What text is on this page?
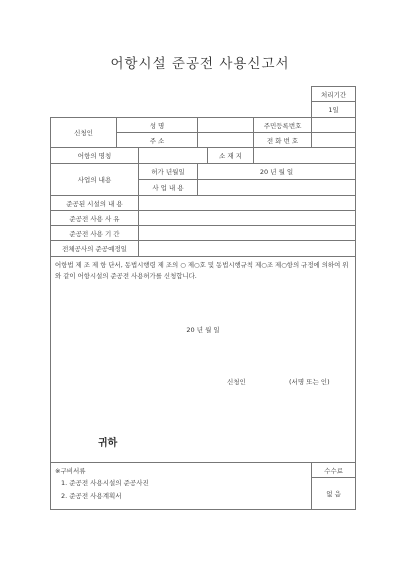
어항시설 준공전 사용신고서
						처리기간
						1일
신청인	성 명				주민등록번호	
	주 소				전 화 번 호	
어항의 명칭				소 재 지		
사업의 내용		허가 년월일	20 년 월 일			
		사 업 내 용				
준공된 시설의 내 용						
준공전 사용 사 유						
준공전 사용 기 간						
전체공사의 준공예정일						

어항법 제 조 제 항 단서, 동법시행령 제 조의 ○ 제○호 및 동법시행규칙 제○조 제○항의 규정에 의하여 위와 같이 어항시설의 준공전 사용허가를 신청합니다.
20 년 월 일
신청인 (서명 또는 인)
귀하						

※구비서류
1. 준공전 사용시설의 준공사진
2. 준공전 사용계획서						수수료
						없 음
